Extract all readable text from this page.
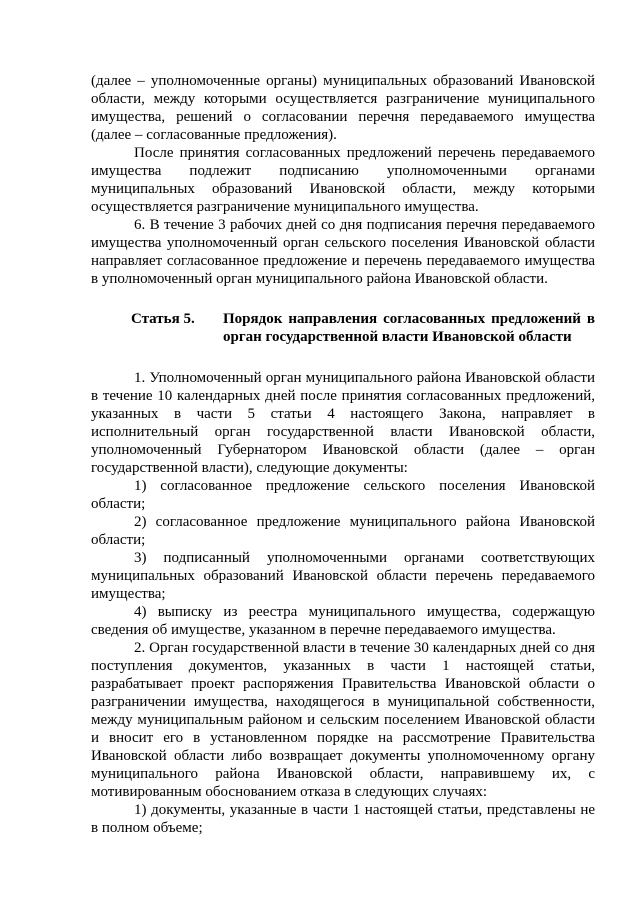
(далее – уполномоченные органы) муниципальных образований Ивановской области, между которыми осуществляется разграничение муниципального имущества, решений о согласовании перечня передаваемого имущества (далее – согласованные предложения).

После принятия согласованных предложений перечень передаваемого имущества подлежит подписанию уполномоченными органами муниципальных образований Ивановской области, между которыми осуществляется разграничение муниципального имущества.

6. В течение 3 рабочих дней со дня подписания перечня передаваемого имущества уполномоченный орган сельского поселения Ивановской области направляет согласованное предложение и перечень передаваемого имущества в уполномоченный орган муниципального района Ивановской области.

Статья 5. Порядок направления согласованных предложений в орган государственной власти Ивановской области

1. Уполномоченный орган муниципального района Ивановской области в течение 10 календарных дней после принятия согласованных предложений, указанных в части 5 статьи 4 настоящего Закона, направляет в исполнительный орган государственной власти Ивановской области, уполномоченный Губернатором Ивановской области (далее – орган государственной власти), следующие документы:

1) согласованное предложение сельского поселения Ивановской области;

2) согласованное предложение муниципального района Ивановской области;

3) подписанный уполномоченными органами соответствующих муниципальных образований Ивановской области перечень передаваемого имущества;

4) выписку из реестра муниципального имущества, содержащую сведения об имуществе, указанном в перечне передаваемого имущества.

2. Орган государственной власти в течение 30 календарных дней со дня поступления документов, указанных в части 1 настоящей статьи, разрабатывает проект распоряжения Правительства Ивановской области о разграничении имущества, находящегося в муниципальной собственности, между муниципальным районом и сельским поселением Ивановской области и вносит его в установленном порядке на рассмотрение Правительства Ивановской области либо возвращает документы уполномоченному органу муниципального района Ивановской области, направившему их, с мотивированным обоснованием отказа в следующих случаях:

1) документы, указанные в части 1 настоящей статьи, представлены не в полном объеме;
